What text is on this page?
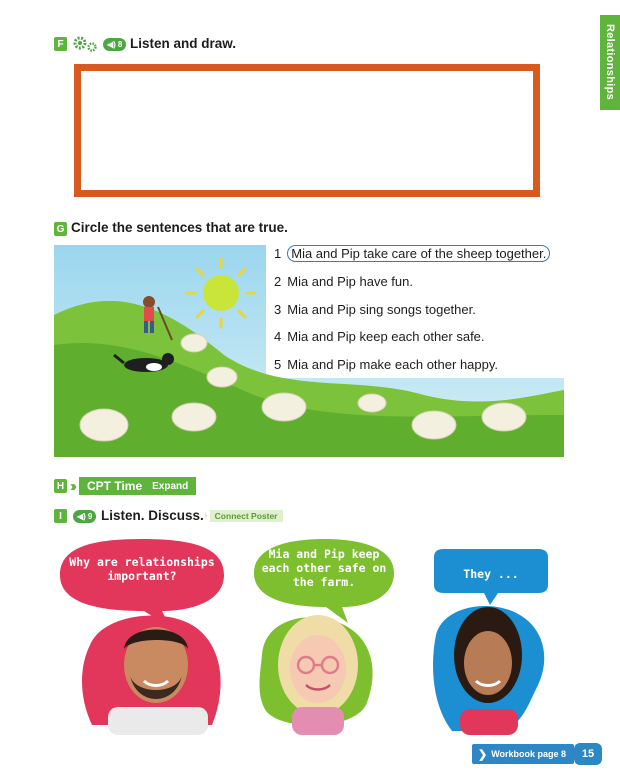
Relationships
F	◀) 8 Listen and draw.
G Circle the sentences that are true.
1 Mia and Pip take care of the sheep together.
2 Mia and Pip have fun.
3 Mia and Pip sing songs together.
4 Mia and Pip keep each other safe.
5 Mia and Pip make each other happy.
H ››› CPT Time Expand
I	◀) 9 Listen. Discuss. › Connect Poster
Why are relationships important?
Mia and Pip keep each other safe on the farm.
They ...
❯ Workbook page 8	15
